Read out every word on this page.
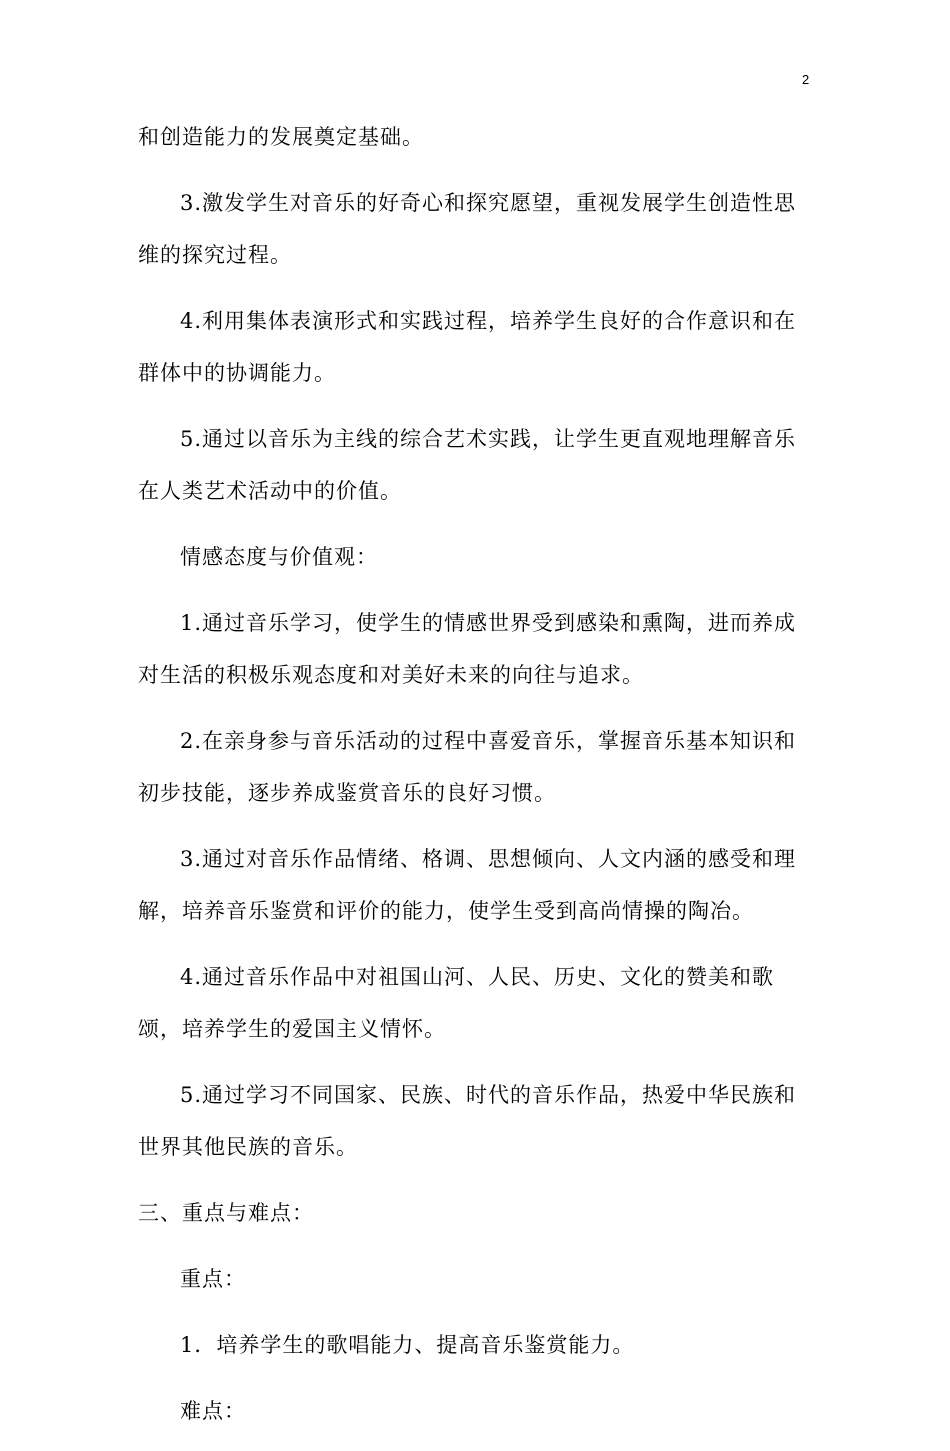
2

和创造能力的发展奠定基础。

3.激发学生对音乐的好奇心和探究愿望，重视发展学生创造性思维的探究过程。

4.利用集体表演形式和实践过程，培养学生良好的合作意识和在群体中的协调能力。

5.通过以音乐为主线的综合艺术实践，让学生更直观地理解音乐在人类艺术活动中的价值。

情感态度与价值观：

1.通过音乐学习，使学生的情感世界受到感染和熏陶，进而养成对生活的积极乐观态度和对美好未来的向往与追求。

2.在亲身参与音乐活动的过程中喜爱音乐，掌握音乐基本知识和初步技能，逐步养成鉴赏音乐的良好习惯。

3.通过对音乐作品情绪、格调、思想倾向、人文内涵的感受和理解，培养音乐鉴赏和评价的能力，使学生受到高尚情操的陶冶。

4.通过音乐作品中对祖国山河、人民、历史、文化的赞美和歌颂，培养学生的爱国主义情怀。

5.通过学习不同国家、民族、时代的音乐作品，热爱中华民族和世界其他民族的音乐。

三、重点与难点：

重点：

1．培养学生的歌唱能力、提高音乐鉴赏能力。

难点：
